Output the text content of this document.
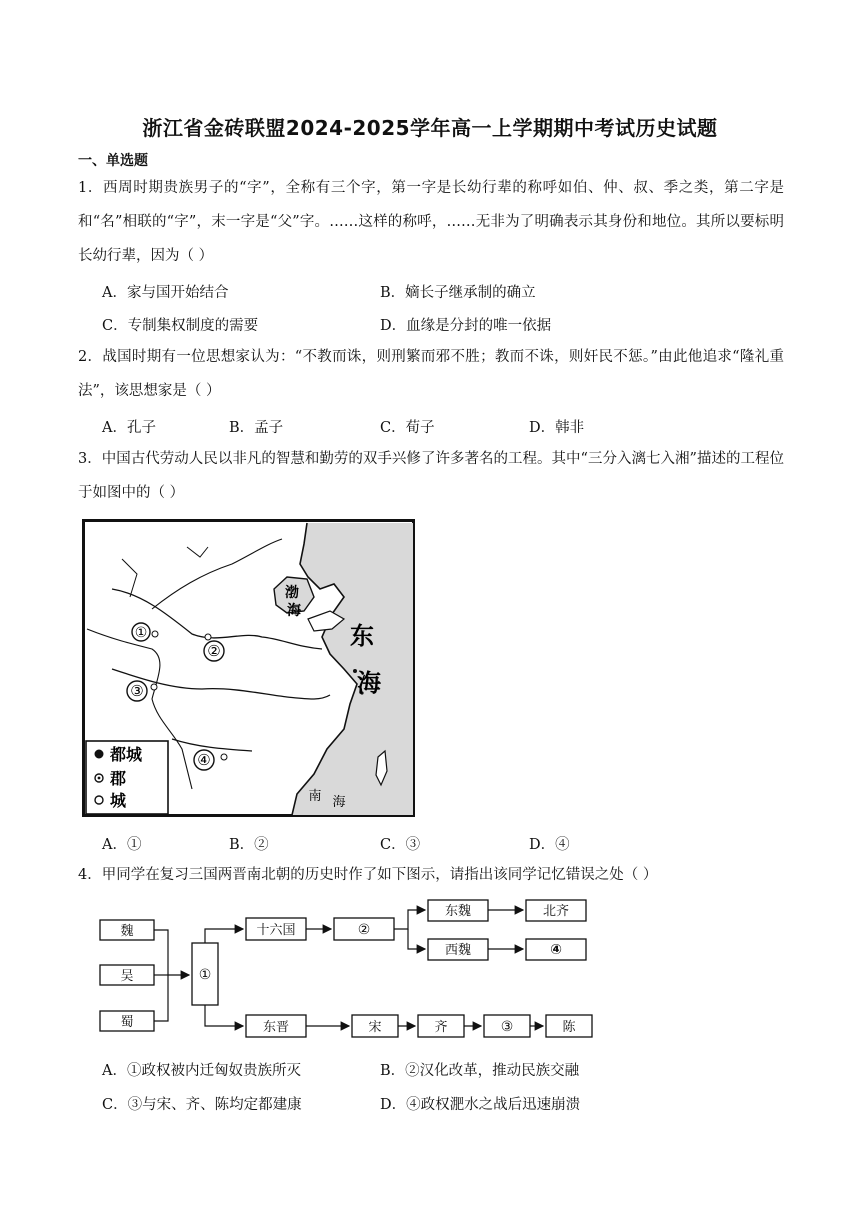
浙江省金砖联盟2024-2025学年高一上学期期中考试历史试题
一、单选题
1．西周时期贵族男子的“字”，全称有三个字，第一字是长幼行辈的称呼如伯、仲、叔、季之类，第二字是和“名”相联的“字”，末一字是“父”字。……这样的称呼，……无非为了明确表示其身份和地位。其所以要标明长幼行辈，因为（ ）
A．家与国开始结合	B．嫡长子继承制的确立
C．专制集权制度的需要	D．血缘是分封的唯一依据
2．战国时期有一位思想家认为：“不教而诛，则刑繁而邪不胜；教而不诛，则奸民不惩。”由此他追求“隆礼重法”，该思想家是（ ）
A．孔子	B．孟子	C．荀子	D．韩非
3．中国古代劳动人民以非凡的智慧和勤劳的双手兴修了许多著名的工程。其中“三分入漓七入湘”描述的工程位于如图中的（ ）
①
②
③
④
渤
海
东
海
南 海
都城
郡
城
A．①	B．②	C．③	D．④
4．甲同学在复习三国两晋南北朝的历史时作了如下图示，请指出该同学记忆错误之处（ ）
魏
吴
蜀
①
十六国	②
东魏	北齐
西魏	④
东晋	宋	齐	③	陈
A．①政权被内迁匈奴贵族所灭	B．②汉化改革，推动民族交融
C．③与宋、齐、陈均定都建康	D．④政权淝水之战后迅速崩溃
